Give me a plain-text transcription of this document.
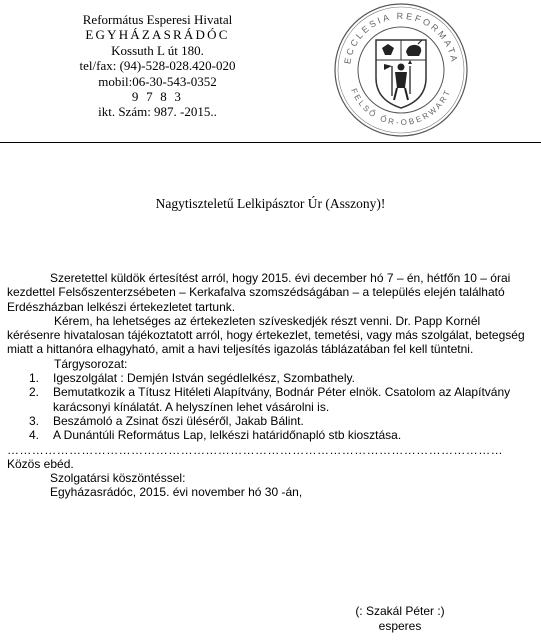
Református Esperesi Hivatal
EGYHÁZASRÁDÓC
Kossuth L út 180.
tel/fax: (94)-528-028.420-020
mobil:06-30-543-0352
9 7 8 3
ikt. Szám: 987. -2015..
ECCLESIA REFORMATA
FELSŐ ŐR-OBERWART
Nagytiszteletű Lelkipásztor Úr (Asszony)!

Szeretettel küldök értesítést arról, hogy 2015. évi december hó 7 – én, hétfőn 10 – órai kezdettel Felsőszenterzsébeten – Kerkafalva szomszédságában – a település elején található Erdészházban lelkészi értekezletet tartunk.

Kérem, ha lehetséges az értekezleten szíveskedjék részt venni. Dr. Papp Kornél kérésenre hivatalosan tájékoztatott arról, hogy értekezlet, temetési, vagy más szolgálat, betegség miatt a hittanóra elhagyható, amit a havi teljesítés igazolás táblázatában fel kell tüntetni.

Tárgysorozat:
1. Igeszolgálat : Demjén István segédlelkész, Szombathely.
2. Bemutatkozik a Títusz Hitéleti Alapítvány, Bodnár Péter elnök. Csatolom az Alapítvány karácsonyi kínálatát. A helyszínen lehet vásárolni is.
3. Beszámoló a Zsinat őszi üléséről, Jakab Bálint.
4. A Dunántúli Református Lap, lelkészi határidőnapló stb kiosztása.
…………………………………………………………………………………………………………
Közös ebéd.
Szolgatársi köszöntéssel:
Egyházasrádóc, 2015. évi november hó 30 -án,
(: Szakál Péter :)
esperes
